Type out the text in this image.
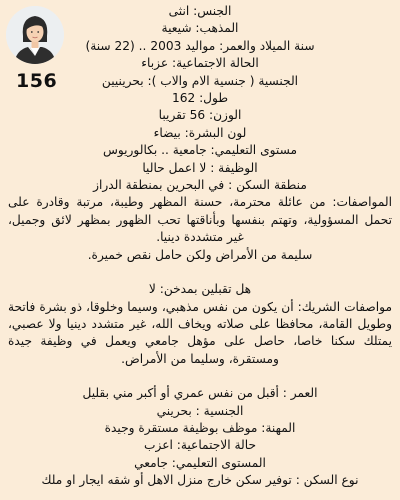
156

الجنس: انثى

المذهب: شيعية

سنة الميلاد والعمر: مواليد 2003 .. (22 سنة)

الحالة الاجتماعية: عزباء

الجنسية ( جنسية الام والاب ): بحرينيين

طول: 162

الوزن: 56 تقريبا

لون البشرة: بيضاء

مستوى التعليمي: جامعية .. بكالوريوس

الوظيفة : لا اعمل حاليا

منطقة السكن : في البحرين بمنطقة الدراز

المواصفات: من عائلة محترمة، حسنة المظهر وطيبة، مرتبة وقادرة على تحمل المسؤولية، وتهتم بنفسها وبأناقتها تحب الظهور بمظهر لائق وجميل، غير متشددة دينيا.

سليمة من الأمراض ولكن حامل نقص خميرة.

هل تقبلين بمدخن: لا

مواصفات الشريك: أن يكون من نفس مذهبي، وسيما وخلوقا، ذو بشرة فاتحة وطويل القامة، محافظا على صلاته ويخاف الله، غير متشدد دينيا ولا عصبي، يمتلك سكنا خاصا، حاصل على مؤهل جامعي ويعمل في وظيفة جيدة ومستقرة، وسليما من الأمراض.

العمر : أقبل من نفس عمري أو أكبر مني بقليل

الجنسية : بحريني

المهنة: موظف بوظيفة مستقرة وجيدة

حالة الاجتماعية: اعزب

المستوى التعليمي: جامعي

نوع السكن : توفير سكن خارج منزل الاهل أو شقه ايجار او ملك
